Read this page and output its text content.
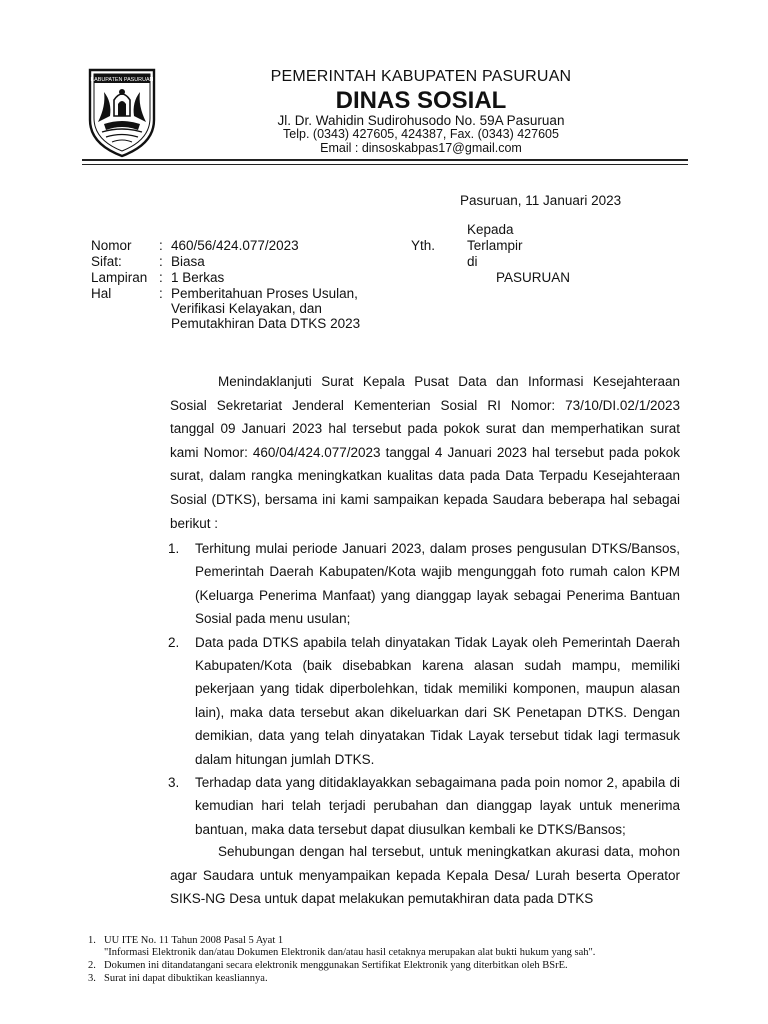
KABUPATEN PASURUAN	PEMERINTAH KABUPATEN PASURUAN
DINAS SOSIAL
Jl. Dr. Wahidin Sudirohusodo No. 59A Pasuruan
Telp. (0343) 427605, 424387, Fax. (0343) 427605
Email : dinsoskabpas17@gmail.com
Pasuruan, 11 Januari 2023
Kepada
Yth. Terlampir
di
PASURUAN
Nomor : 460/56/424.077/2023
Sifat:	: Biasa
Lampiran : 1 Berkas
Hal	: Pemberitahuan Proses Usulan,
Verifikasi Kelayakan, dan
Pemutakhiran Data DTKS 2023

Menindaklanjuti Surat Kepala Pusat Data dan Informasi Kesejahteraan Sosial Sekretariat Jenderal Kementerian Sosial RI Nomor: 73/10/DI.02/1/2023 tanggal 09 Januari 2023 hal tersebut pada pokok surat dan memperhatikan surat kami Nomor: 460/04/424.077/2023 tanggal 4 Januari 2023 hal tersebut pada pokok surat, dalam rangka meningkatkan kualitas data pada Data Terpadu Kesejahteraan Sosial (DTKS), bersama ini kami sampaikan kepada Saudara beberapa hal sebagai berikut :

1. Terhitung mulai periode Januari 2023, dalam proses pengusulan DTKS/Bansos, Pemerintah Daerah Kabupaten/Kota wajib mengunggah foto rumah calon KPM (Keluarga Penerima Manfaat) yang dianggap layak sebagai Penerima Bantuan Sosial pada menu usulan;
2. Data pada DTKS apabila telah dinyatakan Tidak Layak oleh Pemerintah Daerah Kabupaten/Kota (baik disebabkan karena alasan sudah mampu, memiliki pekerjaan yang tidak diperbolehkan, tidak memiliki komponen, maupun alasan lain), maka data tersebut akan dikeluarkan dari SK Penetapan DTKS. Dengan demikian, data yang telah dinyatakan Tidak Layak tersebut tidak lagi termasuk dalam hitungan jumlah DTKS.
3. Terhadap data yang ditidaklayakkan sebagaimana pada poin nomor 2, apabila di kemudian hari telah terjadi perubahan dan dianggap layak untuk menerima bantuan, maka data tersebut dapat diusulkan kembali ke DTKS/Bansos;

Sehubungan dengan hal tersebut, untuk meningkatkan akurasi data, mohon agar Saudara untuk menyampaikan kepada Kepala Desa/ Lurah beserta Operator SIKS-NG Desa untuk dapat melakukan pemutakhiran data pada DTKS

1. UU ITE No. 11 Tahun 2008 Pasal 5 Ayat 1
"Informasi Elektronik dan/atau Dokumen Elektronik dan/atau hasil cetaknya merupakan alat bukti hukum yang sah".
2. Dokumen ini ditandatangani secara elektronik menggunakan Sertifikat Elektronik yang diterbitkan oleh BSrE.
3. Surat ini dapat dibuktikan keasliannya.
